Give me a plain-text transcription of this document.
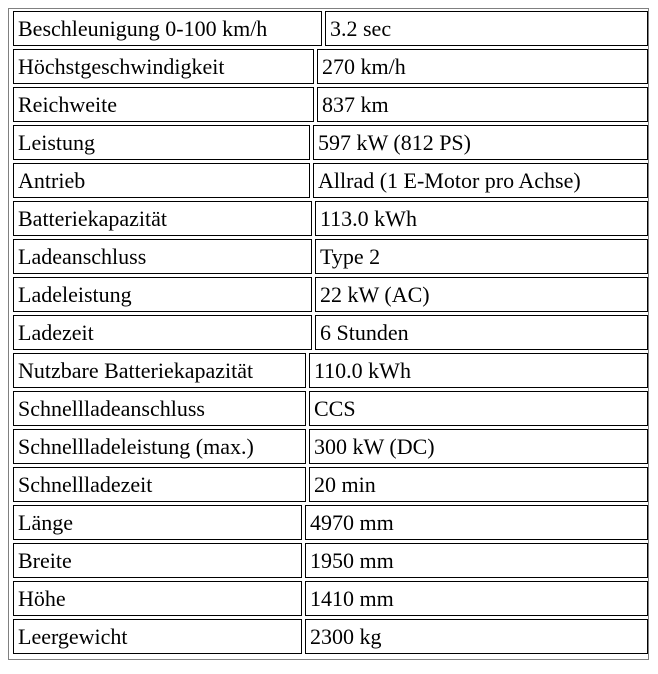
Beschleunigung 0-100 km/h	3.2 sec
Höchstgeschwindigkeit	270 km/h
Reichweite	837 km
Leistung	597 kW (812 PS)
Antrieb	Allrad (1 E-Motor pro Achse)
Batteriekapazität	113.0 kWh
Ladeanschluss	Type 2
Ladeleistung	22 kW (AC)
Ladezeit	6 Stunden
Nutzbare Batteriekapazität	110.0 kWh
Schnellladeanschluss	CCS
Schnellladeleistung (max.)	300 kW (DC)
Schnellladezeit	20 min
Länge	4970 mm
Breite	1950 mm
Höhe	1410 mm
Leergewicht	2300 kg
